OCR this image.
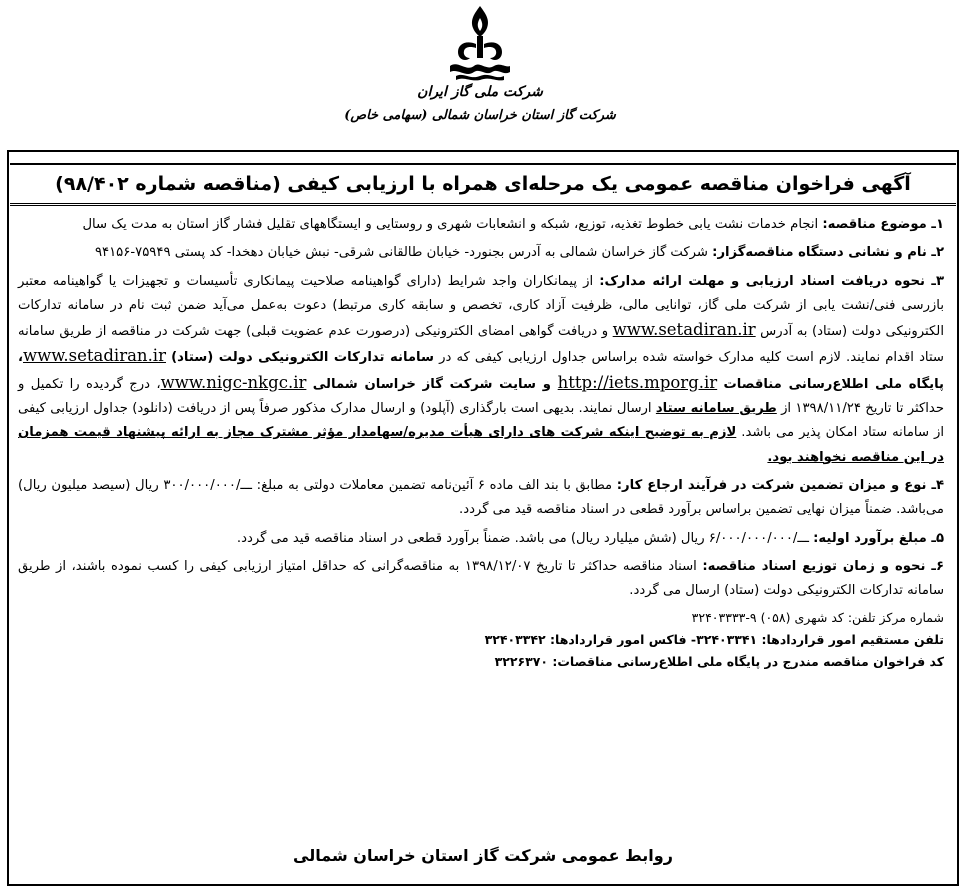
شرکت ملی گاز ایران
شرکت گاز استان خراسان شمالی (سهامی خاص)
آگهی فراخوان مناقصه عمومی یک مرحله‌ای همراه با ارزیابی کیفی (مناقصه شماره ۹۸/۴۰۲)

۱ـ موضوع مناقصه: انجام خدمات نشت یابی خطوط تغذیه، توزیع، شبکه و انشعابات شهری و روستایی و ایستگاههای تقلیل فشار گاز استان به مدت یک سال

۲ـ نام و نشانی دستگاه مناقصه‌گزار: شرکت گاز خراسان شمالی به آدرس بجنورد- خیابان طالقانی شرقی- نبش خیابان دهخدا- کد پستی ۷۵۹۴۹-۹۴۱۵۶

۳ـ نحوه دریافت اسناد ارزیابی و مهلت ارائه مدارک: از پیمانکاران واجد شرایط (دارای گواهینامه صلاحیت پیمانکاری تأسیسات و تجهیزات یا گواهینامه معتبر بازرسی فنی/نشت یابی از شرکت ملی گاز، توانایی مالی، ظرفیت آزاد کاری، تخصص و سابقه کاری مرتبط) دعوت به‌عمل می‌آید ضمن ثبت نام در سامانه تدارکات الکترونیکی دولت (ستاد) به آدرس www.setadiran.ir و دریافت گواهی امضای الکترونیکی (درصورت عدم عضویت قبلی) جهت شرکت در مناقصه از طریق سامانه ستاد اقدام نمایند. لازم است کلیه مدارک خواسته شده براساس جداول ارزیابی کیفی که در سامانه تدارکات الکترونیکی دولت (ستاد) www.setadiran.ir، پایگاه ملی اطلاع‌رسانی مناقصات http://iets.mporg.ir و سایت شرکت گاز خراسان شمالی www.nigc-nkgc.ir، درج گردیده را تکمیل و حداکثر تا تاریخ ۱۳۹۸/۱۱/۲۴ از طریق سامانه ستاد ارسال نمایند. بدیهی است بارگذاری (آپلود) و ارسال مدارک مذکور صرفاً پس از دریافت (دانلود) جداول ارزیابی کیفی از سامانه ستاد امکان پذیر می باشد. لازم به توضیح اینکه شرکت های دارای هیأت مدیره/سهامدار مؤثر مشترک مجاز به ارائه پیشنهاد قیمت همزمان در این مناقصه نخواهند بود.

۴ـ نوع و میزان تضمین شرکت در فرآیند ارجاع کار: مطابق با بند الف ماده ۶ آئین‌نامه تضمین معاملات دولتی به مبلغ: ـــ/۳۰۰/۰۰۰/۰۰۰ ریال (سیصد میلیون ریال) می‌باشد. ضمناً میزان نهایی تضمین براساس برآورد قطعی در اسناد مناقصه قید می گردد.

۵ـ مبلغ برآورد اولیه: ـــ/۶/۰۰۰/۰۰۰/۰۰۰ ریال (شش میلیارد ریال) می باشد. ضمناً برآورد قطعی در اسناد مناقصه قید می گردد.

۶ـ نحوه و زمان توزیع اسناد مناقصه: اسناد مناقصه حداکثر تا تاریخ ۱۳۹۸/۱۲/۰۷ به مناقصه‌گرانی که حداقل امتیاز ارزیابی کیفی را کسب نموده باشند، از طریق سامانه تدارکات الکترونیکی دولت (ستاد) ارسال می گردد.

شماره مرکز تلفن: کد شهری (۰۵۸) ۹-۳۲۴۰۳۳۳۳
تلفن مستقیم امور قراردادها: ۳۲۴۰۳۳۴۱- فاکس امور قراردادها: ۳۲۴۰۳۳۴۲
کد فراخوان مناقصه مندرج در پایگاه ملی اطلاع‌رسانی مناقصات: ۳۲۲۶۳۷۰
روابط عمومی شرکت گاز استان خراسان شمالی
